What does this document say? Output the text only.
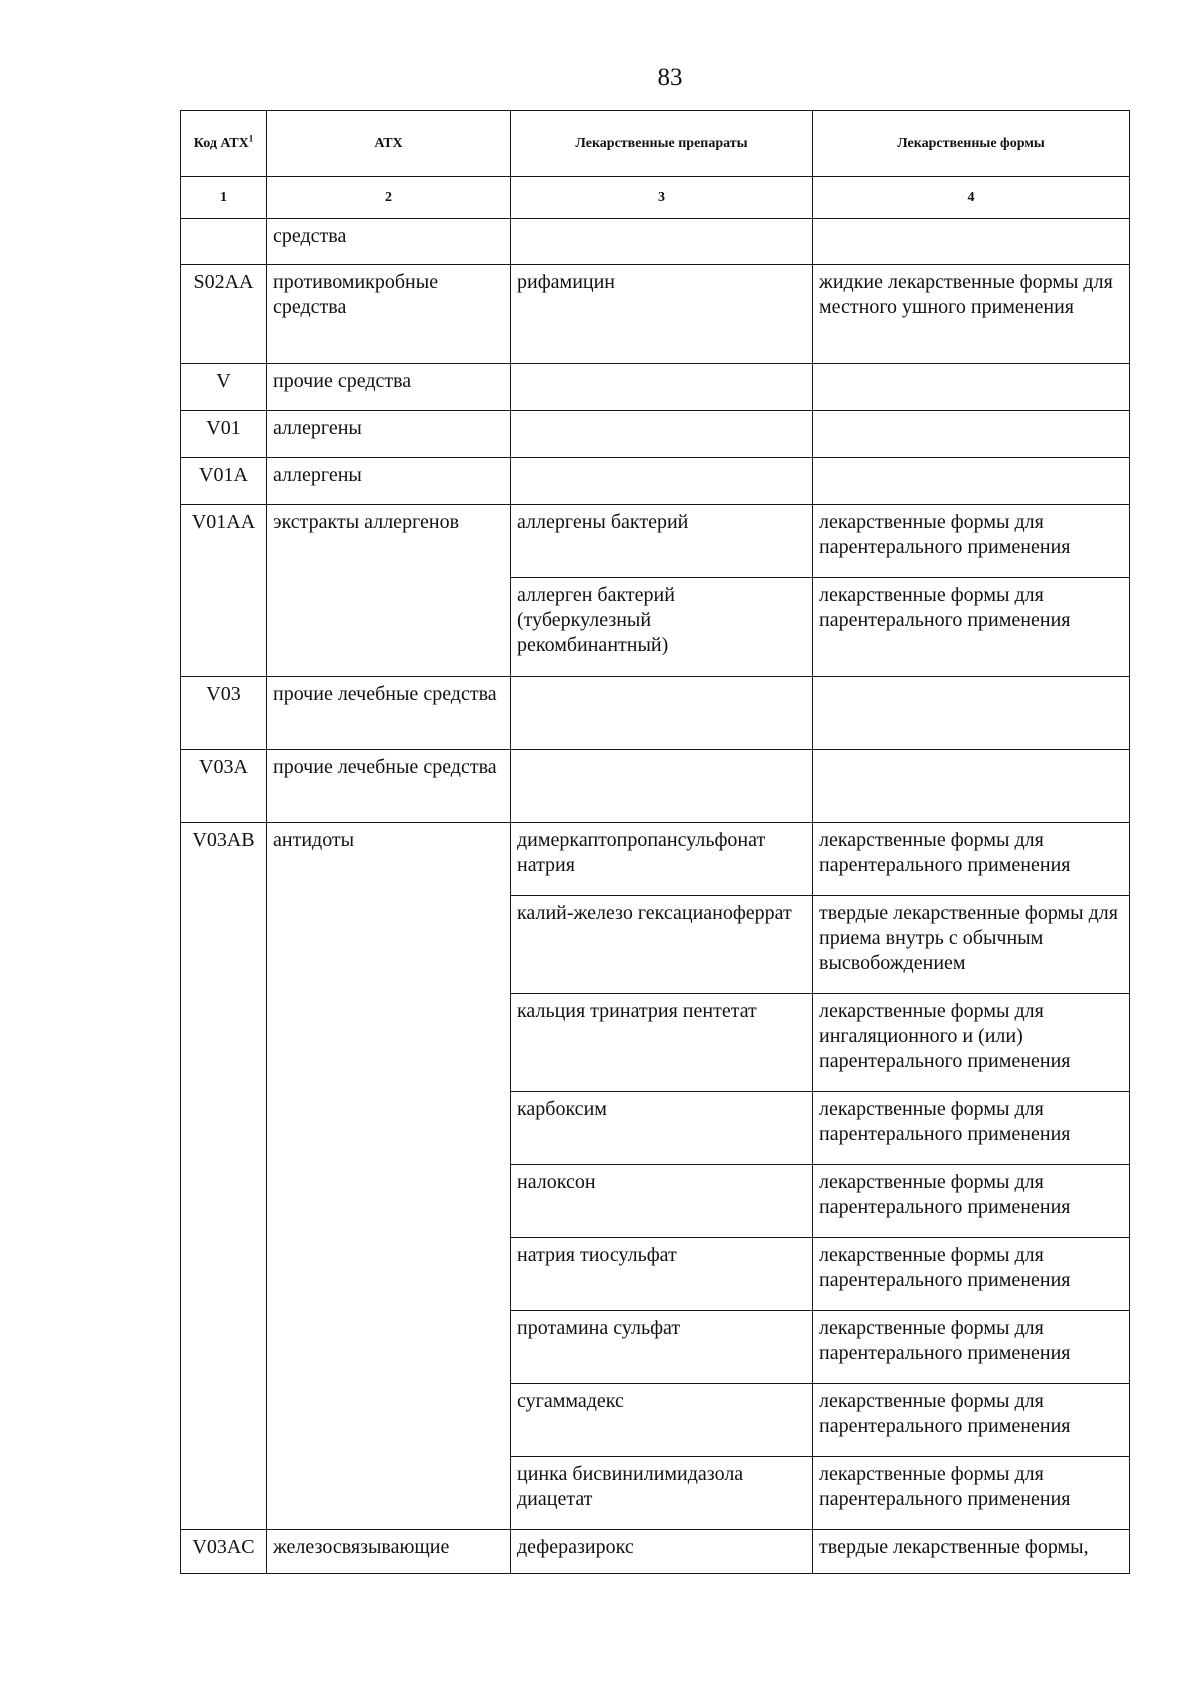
83
Код АТХ$^1$	АТХ	Лекарственные препараты	Лекарственные формы
1	2	3	4
	средства		
S02AA	противомикробные средства	рифамицин	жидкие лекарственные формы для местного ушного применения
V	прочие средства		
V01	аллергены		
V01A	аллергены		
V01AA	экстракты аллергенов	аллергены бактерий	лекарственные формы для парентерального применения
		аллерген бактерий (туберкулезный рекомбинантный)	лекарственные формы для парентерального применения
V03	прочие лечебные средства		
V03A	прочие лечебные средства		
V03AB	антидоты	димеркаптопропансульфонат натрия	лекарственные формы для парентерального применения
		калий-железо гексацианоферрат	твердые лекарственные формы для приема внутрь с обычным высвобождением
		кальция тринатрия пентетат	лекарственные формы для ингаляционного и (или) парентерального применения
		карбоксим	лекарственные формы для парентерального применения
		налоксон	лекарственные формы для парентерального применения
		натрия тиосульфат	лекарственные формы для парентерального применения
		протамина сульфат	лекарственные формы для парентерального применения
		сугаммадекс	лекарственные формы для парентерального применения
		цинка бисвинилимидазола диацетат	лекарственные формы для парентерального применения
V03AC	железосвязывающие	деферазирокс	твердые лекарственные формы,
